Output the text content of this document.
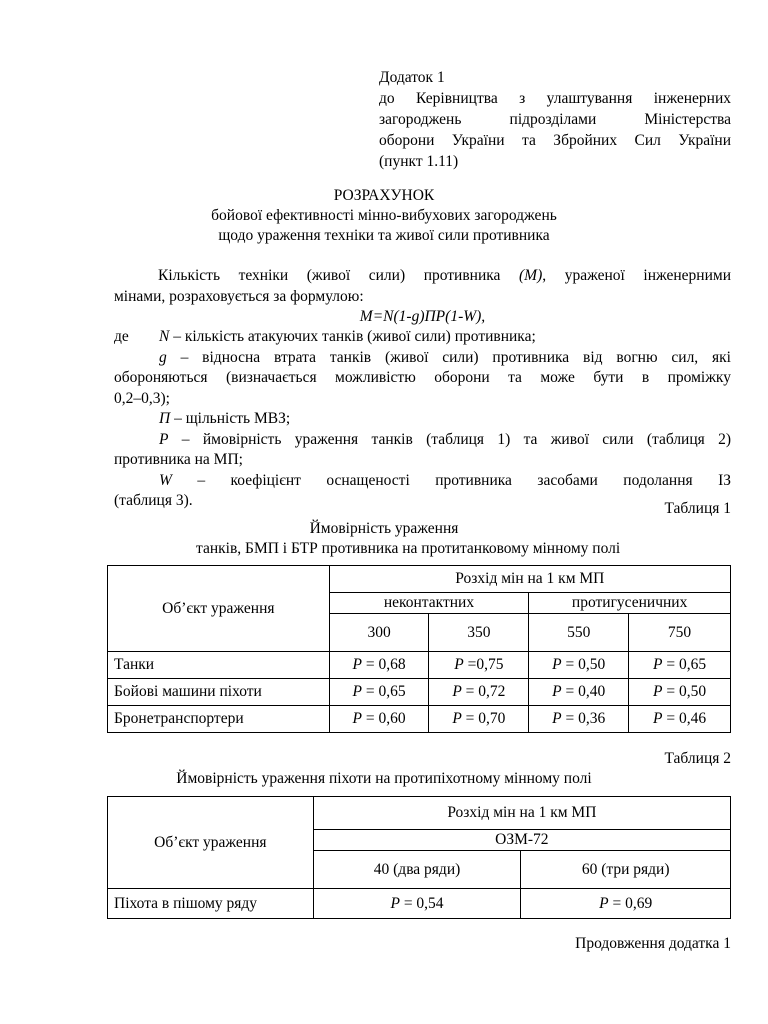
Додаток 1
до Керівництва з улаштування інженерних
загороджень підрозділами Міністерства
оборони України та Збройних Сил України
(пункт 1.11)
РОЗРАХУНОК
бойової ефективності мінно-вибухових загороджень
щодо ураження техніки та живої сили противника
Кількість техніки (живої сили) противника (М), ураженої інженерними
мінами, розраховується за формулою:
М=N(1-g)ПР(1-W),
де	N – кількість атакуючих танків (живої сили) противника;
g – відносна втрата танків (живої сили) противника від вогню сил, які
обороняються (визначається можливістю оборони та може бути в проміжку
0,2–0,3);
П – щільність МВЗ;
Р – ймовірність ураження танків (таблиця 1) та живої сили (таблиця 2)
противника на МП;
W – коефіцієнт оснащеності противника засобами подолання ІЗ
(таблиця 3).	Таблиця 1
Ймовірність ураження
танків, БМП і БТР противника на протитанковому мінному полі
Об’єкт ураження	Розхід мін на 1 км МП			
	неконтактних		протигусеничних	
	300	350	550	750
Танки	P = 0,68	P =0,75	P = 0,50	P = 0,65
Бойові машини піхоти	P = 0,65	P = 0,72	P = 0,40	P = 0,50
Бронетранспортери	P = 0,60	P = 0,70	P = 0,36	P = 0,46
Таблиця 2
Ймовірність ураження піхоти на протипіхотному мінному полі
Об’єкт ураження	Розхід мін на 1 км МП	
	ОЗМ-72	
	40 (два ряди)	60 (три ряди)
Піхота в пішому ряду	P = 0,54	P = 0,69
Продовження додатка 1
